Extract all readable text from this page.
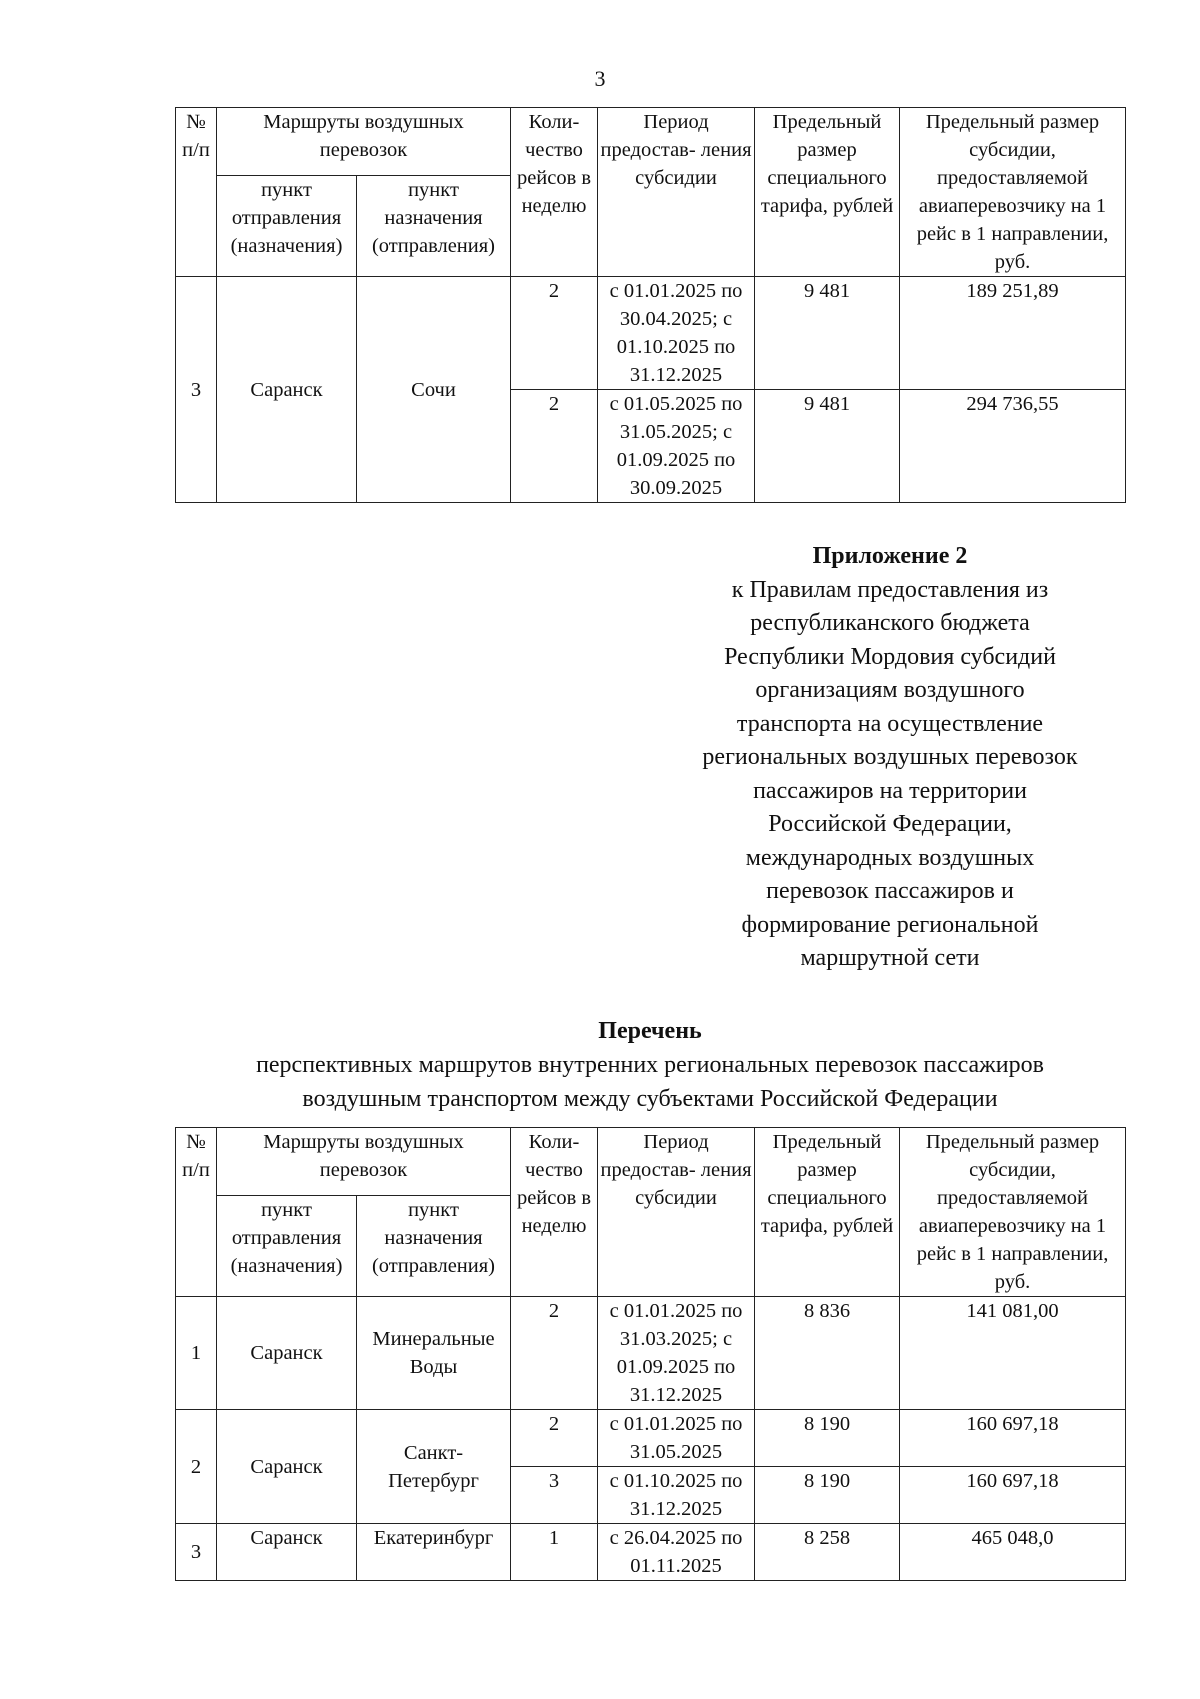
3
№ п/п	Маршруты воздушных перевозок		Коли- чество рейсов в неделю	Период предостав- ления субсидии	Предельный размер специального тарифа, рублей	Предельный размер субсидии, предоставляемой авиаперевозчику на 1 рейс в 1 направлении, руб.
	пункт отправления (назначения)	пункт назначения (отправления)				
3	Саранск	Сочи	2	с 01.01.2025 по 30.04.2025; с 01.10.2025 по 31.12.2025	9 481	189 251,89
			2	с 01.05.2025 по 31.05.2025; с 01.09.2025 по 30.09.2025	9 481	294 736,55
Приложение 2
к Правилам предоставления из
республиканского бюджета
Республики Мордовия субсидий
организациям воздушного
транспорта на осуществление
региональных воздушных перевозок
пассажиров на территории
Российской Федерации,
международных воздушных
перевозок пассажиров и
формирование региональной
маршрутной сети
Перечень
перспективных маршрутов внутренних региональных перевозок пассажиров
воздушным транспортом между субъектами Российской Федерации
№ п/п	Маршруты воздушных перевозок		Коли- чество рейсов в неделю	Период предостав- ления субсидии	Предельный размер специального тарифа, рублей	Предельный размер субсидии, предоставляемой авиаперевозчику на 1 рейс в 1 направлении, руб.
	пункт отправления (назначения)	пункт назначения (отправления)				
1	Саранск	Минеральные Воды	2	с 01.01.2025 по 31.03.2025; с 01.09.2025 по 31.12.2025	8 836	141 081,00
2	Саранск	Санкт- Петербург	2	с 01.01.2025 по 31.05.2025	8 190	160 697,18
			3	с 01.10.2025 по 31.12.2025	8 190	160 697,18
3	Саранск	Екатеринбург	1	с 26.04.2025 по 01.11.2025	8 258	465 048,0
